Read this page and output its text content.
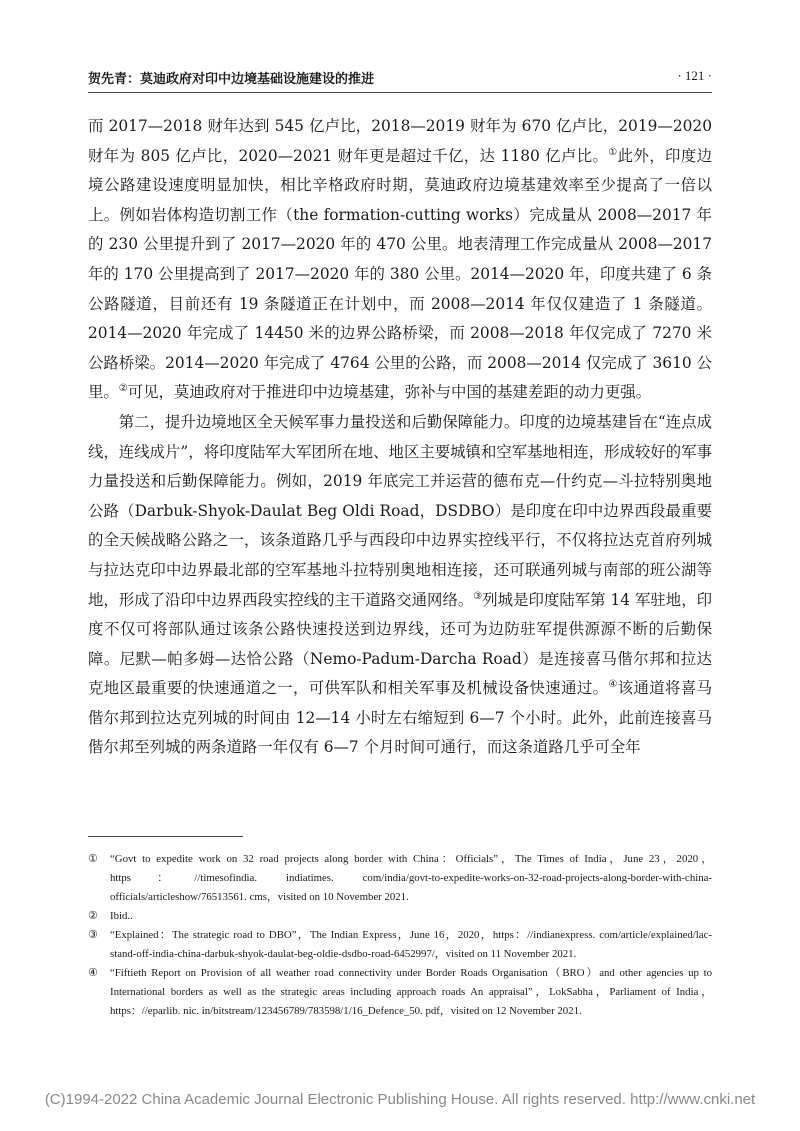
贺先青：莫迪政府对印中边境基础设施建设的推进	· 121 ·

而 2017—2018 财年达到 545 亿卢比，2018—2019 财年为 670 亿卢比，2019—2020 财年为 805 亿卢比，2020—2021 财年更是超过千亿，达 1180 亿卢比。①此外，印度边境公路建设速度明显加快，相比辛格政府时期，莫迪政府边境基建效率至少提高了一倍以上。例如岩体构造切割工作（the formation-cutting works）完成量从 2008—2017 年的 230 公里提升到了 2017—2020 年的 470 公里。地表清理工作完成量从 2008—2017 年的 170 公里提高到了 2017—2020 年的 380 公里。2014—2020 年，印度共建了 6 条公路隧道，目前还有 19 条隧道正在计划中，而 2008—2014 年仅仅建造了 1 条隧道。2014—2020 年完成了 14450 米的边界公路桥梁，而 2008—2018 年仅完成了 7270 米公路桥梁。2014—2020 年完成了 4764 公里的公路，而 2008—2014 仅完成了 3610 公里。②可见，莫迪政府对于推进印中边境基建，弥补与中国的基建差距的动力更强。

第二，提升边境地区全天候军事力量投送和后勤保障能力。印度的边境基建旨在“连点成线，连线成片”，将印度陆军大军团所在地、地区主要城镇和空军基地相连，形成较好的军事力量投送和后勤保障能力。例如，2019 年底完工并运营的德布克—什约克—斗拉特别奥地公路（Darbuk-Shyok-Daulat Beg Oldi Road，DSDBO）是印度在印中边界西段最重要的全天候战略公路之一，该条道路几乎与西段印中边界实控线平行，不仅将拉达克首府列城与拉达克印中边界最北部的空军基地斗拉特别奥地相连接，还可联通列城与南部的班公湖等地，形成了沿印中边界西段实控线的主干道路交通网络。③列城是印度陆军第 14 军驻地，印度不仅可将部队通过该条公路快速投送到边界线，还可为边防驻军提供源源不断的后勤保障。尼默—帕多姆—达恰公路（Nemo-Padum-Darcha Road）是连接喜马偕尔邦和拉达克地区最重要的快速通道之一，可供军队和相关军事及机械设备快速通过。④该通道将喜马偕尔邦到拉达克列城的时间由 12—14 小时左右缩短到 6—7 个小时。此外，此前连接喜马偕尔邦至列城的两条道路一年仅有 6—7 个月时间可通行，而这条道路几乎可全年

①	“Govt to expedite work on 32 road projects along border with China：Officials”，The Times of India，June 23，2020，https：//timesofindia. indiatimes. com/india/govt-to-expedite-works-on-32-road-projects-along-border-with-china-officials/articleshow/76513561. cms，visited on 10 November 2021.
②	Ibid..
③	“Explained：The strategic road to DBO”，The Indian Express，June 16，2020，https：//indianexpress. com/article/explained/lac-stand-off-india-china-darbuk-shyok-daulat-beg-oldie-dsdbo-road-6452997/，visited on 11 November 2021.
④	“Fiftieth Report on Provision of all weather road connectivity under Border Roads Organisation（BRO）and other agencies up to International borders as well as the strategic areas including approach roads An appraisal”，LokSabha，Parliament of India，https：//eparlib. nic. in/bitstream/123456789/783598/1/16_Defence_50. pdf，visited on 12 November 2021.
(C)1994-2022 China Academic Journal Electronic Publishing House. All rights reserved. http://www.cnki.net
